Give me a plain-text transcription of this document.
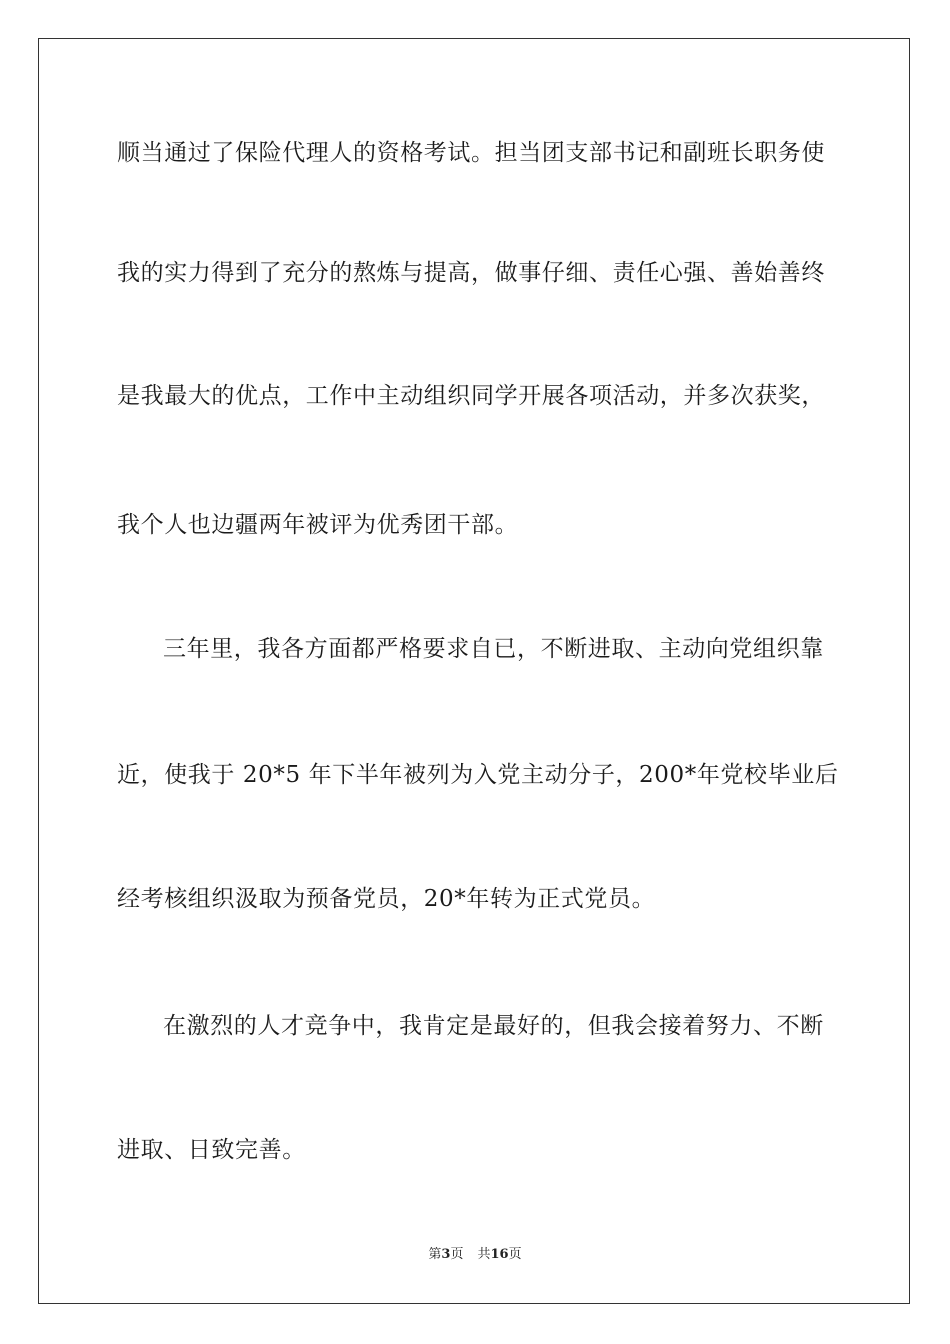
顺当通过了保险代理人的资格考试。担当团支部书记和副班长职务使
我的实力得到了充分的熬炼与提高，做事仔细、责任心强、善始善终
是我最大的优点，工作中主动组织同学开展各项活动，并多次获奖，
我个人也边疆两年被评为优秀团干部。
三年里，我各方面都严格要求自已，不断进取、主动向党组织靠
近，使我于 20*5 年下半年被列为入党主动分子，200*年党校毕业后
经考核组织汲取为预备党员，20*年转为正式党员。
在激烈的人才竞争中，我肯定是最好的，但我会接着努力、不断
进取、日致完善。
第3页 共16页
